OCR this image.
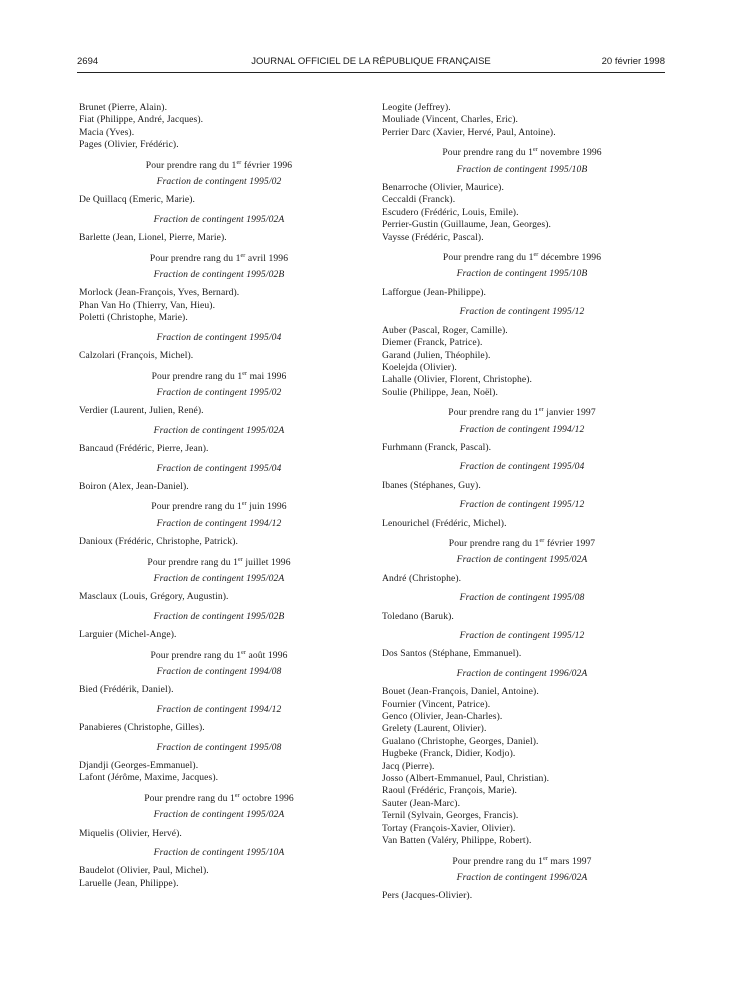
2694	JOURNAL OFFICIEL DE LA RÉPUBLIQUE FRANÇAISE	20 février 1998
Brunet (Pierre, Alain).
Fiat (Philippe, André, Jacques).
Macia (Yves).
Pages (Olivier, Frédéric).
Pour prendre rang du 1er février 1996
Fraction de contingent 1995/02
De Quillacq (Emeric, Marie).
Fraction de contingent 1995/02A
Barlette (Jean, Lionel, Pierre, Marie).
Pour prendre rang du 1er avril 1996
Fraction de contingent 1995/02B
Morlock (Jean-François, Yves, Bernard).
Phan Van Ho (Thierry, Van, Hieu).
Poletti (Christophe, Marie).
Fraction de contingent 1995/04
Calzolari (François, Michel).
Pour prendre rang du 1er mai 1996
Fraction de contingent 1995/02
Verdier (Laurent, Julien, René).
Fraction de contingent 1995/02A
Bancaud (Frédéric, Pierre, Jean).
Fraction de contingent 1995/04
Boiron (Alex, Jean-Daniel).
Pour prendre rang du 1er juin 1996
Fraction de contingent 1994/12
Danioux (Frédéric, Christophe, Patrick).
Pour prendre rang du 1er juillet 1996
Fraction de contingent 1995/02A
Masclaux (Louis, Grégory, Augustin).
Fraction de contingent 1995/02B
Larguier (Michel-Ange).
Pour prendre rang du 1er août 1996
Fraction de contingent 1994/08
Bied (Frédérik, Daniel).
Fraction de contingent 1994/12
Panabieres (Christophe, Gilles).
Fraction de contingent 1995/08
Djandji (Georges-Emmanuel).
Lafont (Jérôme, Maxime, Jacques).
Pour prendre rang du 1er octobre 1996
Fraction de contingent 1995/02A
Miquelis (Olivier, Hervé).
Fraction de contingent 1995/10A
Baudelot (Olivier, Paul, Michel).
Laruelle (Jean, Philippe).
Leogite (Jeffrey).
Mouliade (Vincent, Charles, Eric).
Perrier Darc (Xavier, Hervé, Paul, Antoine).
Pour prendre rang du 1er novembre 1996
Fraction de contingent 1995/10B
Benarroche (Olivier, Maurice).
Ceccaldi (Franck).
Escudero (Frédéric, Louis, Emile).
Perrier-Gustin (Guillaume, Jean, Georges).
Vaysse (Frédéric, Pascal).
Pour prendre rang du 1er décembre 1996
Fraction de contingent 1995/10B
Lafforgue (Jean-Philippe).
Fraction de contingent 1995/12
Auber (Pascal, Roger, Camille).
Diemer (Franck, Patrice).
Garand (Julien, Théophile).
Koelejda (Olivier).
Lahalle (Olivier, Florent, Christophe).
Soulie (Philippe, Jean, Noël).
Pour prendre rang du 1er janvier 1997
Fraction de contingent 1994/12
Furhmann (Franck, Pascal).
Fraction de contingent 1995/04
Ibanes (Stéphanes, Guy).
Fraction de contingent 1995/12
Lenourichel (Frédéric, Michel).
Pour prendre rang du 1er février 1997
Fraction de contingent 1995/02A
André (Christophe).
Fraction de contingent 1995/08
Toledano (Baruk).
Fraction de contingent 1995/12
Dos Santos (Stéphane, Emmanuel).
Fraction de contingent 1996/02A
Bouet (Jean-François, Daniel, Antoine).
Fournier (Vincent, Patrice).
Genco (Olivier, Jean-Charles).
Grelety (Laurent, Olivier).
Gualano (Christophe, Georges, Daniel).
Hugbeke (Franck, Didier, Kodjo).
Jacq (Pierre).
Josso (Albert-Emmanuel, Paul, Christian).
Raoul (Frédéric, François, Marie).
Sauter (Jean-Marc).
Ternil (Sylvain, Georges, Francis).
Tortay (François-Xavier, Olivier).
Van Batten (Valéry, Philippe, Robert).
Pour prendre rang du 1er mars 1997
Fraction de contingent 1996/02A
Pers (Jacques-Olivier).
